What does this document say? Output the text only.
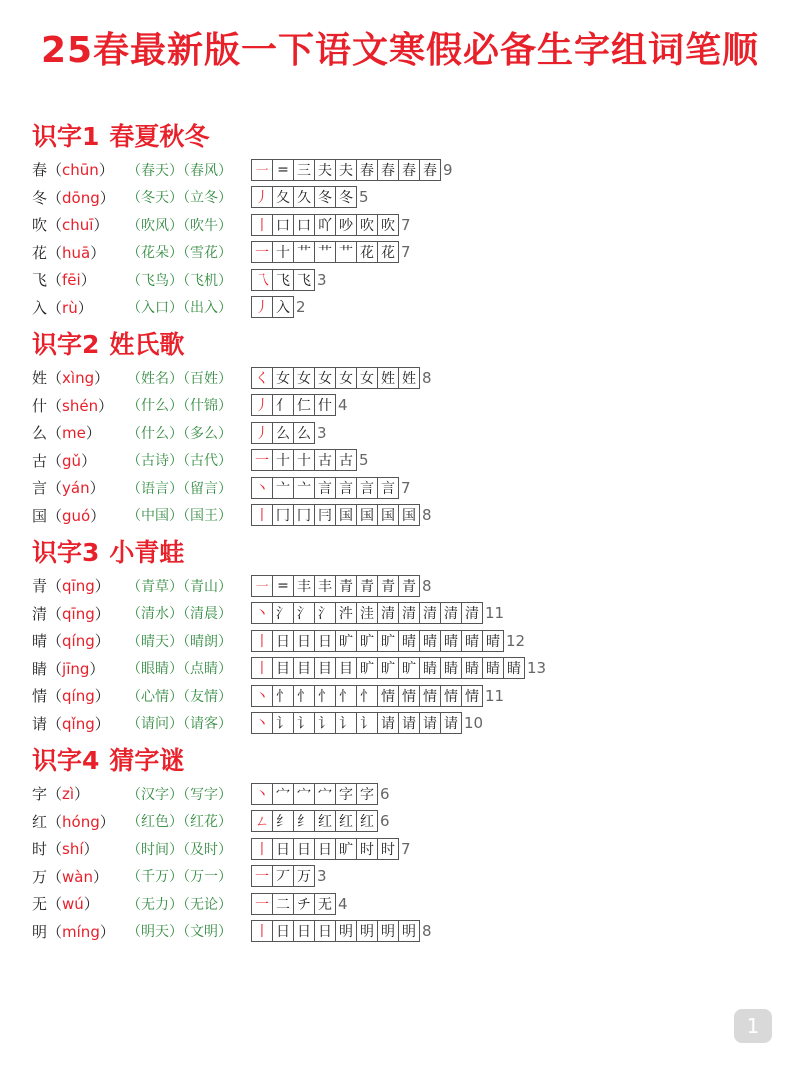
25春最新版一下语文寒假必备生字组词笔顺
识字1 春夏秋冬
春（chūn） （春天）（春风）	㇐ = 三 夫 夫 春 春 春 春 9
冬（dōng） （冬天）（立冬）	丿 夂 久 冬 冬 5
吹（chuī）	（吹风）（吹牛）	丨 口 口 吖 吵 吹 吹 7
花（huā）	（花朵）（雪花）	一 十 艹 艹 艹 花 花 7
飞（fēi）	（飞鸟）（飞机）	乁 飞 飞 3
入（rù）	（入口）（出入）	丿 入 2
识字2 姓氏歌
姓（xìng）	（姓名）（百姓）	く 女 女 女 女 女 姓 姓 8
什（shén） （什么）（什锦）	丿 亻 仁 什 4
么（me）	（什么）（多么）	丿 么 么 3
古（gǔ）	（古诗）（古代）	一 十 十 古 古 5
言（yán）	（语言）（留言）	丶 亠 亠 言 言 言 言 7
国（guó）	（中国）（国王）	丨 冂 冂 冃 国 国 国 国 8
识字3 小青蛙
青（qīng）	（青草）（青山）	㇐ = 丰 丰 青 青 青 青 8
清（qīng）	（清水）（清晨）	丶 氵 氵 氵 汼 洼 清 清 清 清 清 11
晴（qíng）	（晴天）（晴朗）	丨 日 日 日 旷 旷 旷 晴 晴 晴 晴 晴 12
睛（jīng）	（眼睛）（点睛）	丨 目 目 目 目 旷 旷 旷 睛 睛 睛 睛 睛 13
情（qíng）	（心情）（友情）	丶 忄 忄 忄 忄 忄 情 情 情 情 情 11
请（qǐng）	（请问）（请客）	丶 讠 讠 讠 讠 讠 请 请 请 请 10
识字4 猜字谜
字（zì）	（汉字）（写字）	丶 宀 宀 宀 字 字 6
红（hóng） （红色）（红花）	ㄥ 纟 纟 红 红 红 6
时（shí）	（时间）（及时）	丨 日 日 日 旷 时 时 7
万（wàn）	（千万）（万一）	一 丆 万 3
无（wú）	（无力）（无论）	一 二 チ 无 4
明（míng） （明天）（文明）	丨 日 日 日 明 明 明 明 8
1
